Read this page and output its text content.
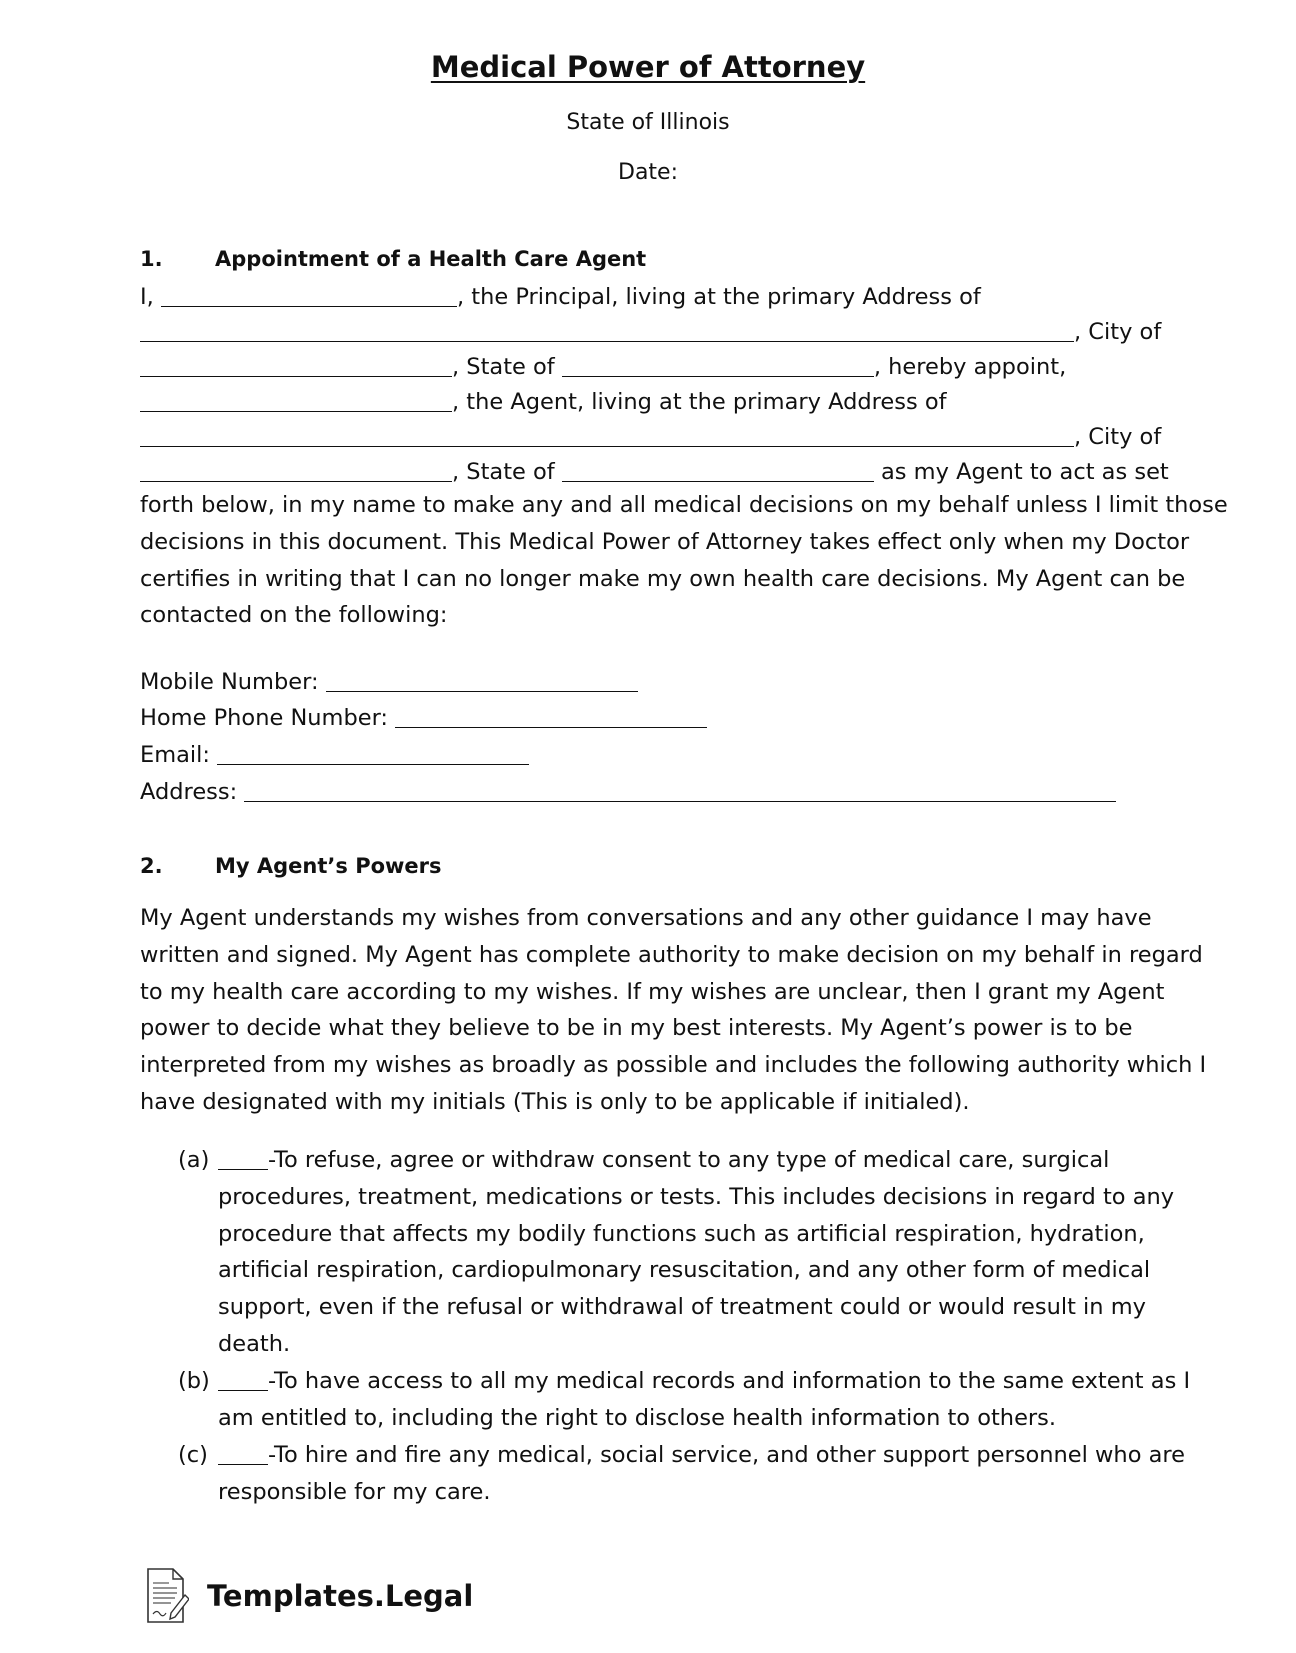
Medical Power of Attorney
State of Illinois
Date:
1. Appointment of a Health Care Agent
I,	, the Principal, living at the primary Address of
, City of
, State of	, hereby appoint,
, the Agent, living at the primary Address of
, City of
, State of	as my Agent to act as set
forth below, in my name to make any and all medical decisions on my behalf unless I limit those
decisions in this document. This Medical Power of Attorney takes effect only when my Doctor
certifies in writing that I can no longer make my own health care decisions. My Agent can be
contacted on the following:
Mobile Number:
Home Phone Number:
Email:
Address:
2. My Agent’s Powers
My Agent understands my wishes from conversations and any other guidance I may have
written and signed. My Agent has complete authority to make decision on my behalf in regard
to my health care according to my wishes. If my wishes are unclear, then I grant my Agent
power to decide what they believe to be in my best interests. My Agent’s power is to be
interpreted from my wishes as broadly as possible and includes the following authority which I
have designated with my initials (This is only to be applicable if initialed).
(a)	-To refuse, agree or withdraw consent to any type of medical care, surgical
procedures, treatment, medications or tests. This includes decisions in regard to any
procedure that affects my bodily functions such as artificial respiration, hydration,
artificial respiration, cardiopulmonary resuscitation, and any other form of medical
support, even if the refusal or withdrawal of treatment could or would result in my
death.
(b)	-To have access to all my medical records and information to the same extent as I
am entitled to, including the right to disclose health information to others.
(c)	-To hire and fire any medical, social service, and other support personnel who are
responsible for my care.
Templates.Legal
